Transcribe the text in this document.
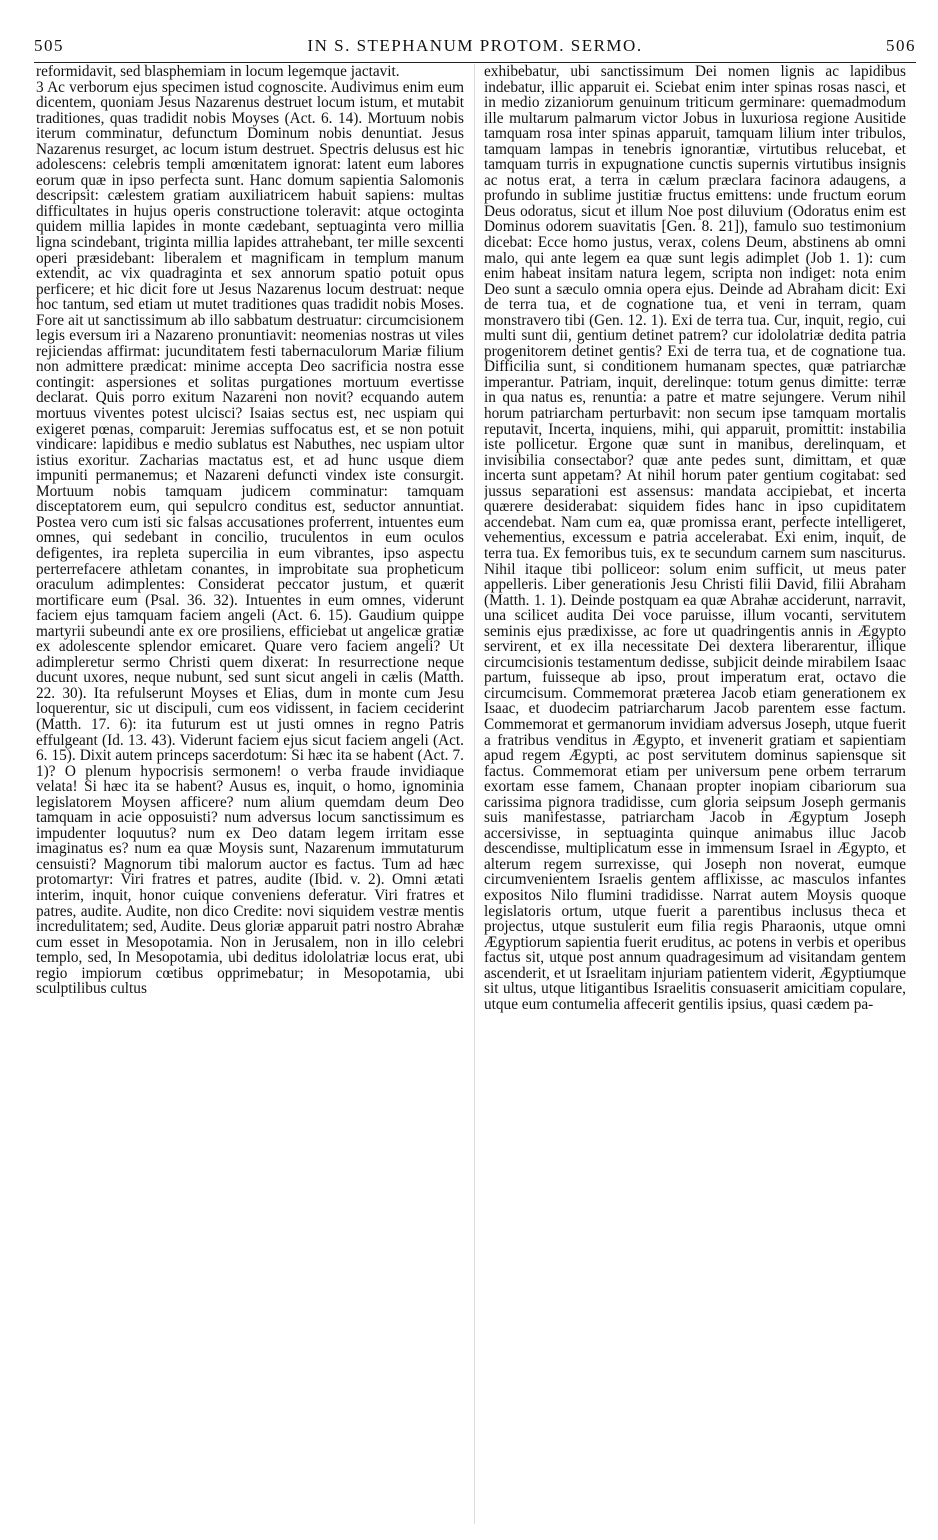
505	IN S. STEPHANUM PROTOM. SERMO.	506

reformidavit, sed blasphemiam in locum legemque jactavit.

3 Ac verborum ejus specimen istud cognoscite. Audivimus enim eum dicentem, quoniam Jesus Nazarenus destruet locum istum, et mutabit traditiones, quas tradidit nobis Moyses (Act. 6. 14). Mortuum nobis iterum comminatur, defunctum Dominum nobis denuntiat. Jesus Nazarenus resurget, ac locum istum destruet. Spectris delusus est hic adolescens: celebris templi amœnitatem ignorat: latent eum labores eorum quæ in ipso perfecta sunt. Hanc domum sapientia Salomonis descripsit: cælestem gratiam auxiliatricem habuit sapiens: multas difficultates in hujus operis constructione toleravit: atque octoginta quidem millia lapides in monte cædebant, septuaginta vero millia ligna scindebant, triginta millia lapides attrahebant, ter mille sexcenti operi præsidebant: liberalem et magnificam in templum manum extendit, ac vix quadraginta et sex annorum spatio potuit opus perficere; et hic dicit fore ut Jesus Nazarenus locum destruat: neque hoc tantum, sed etiam ut mutet traditiones quas tradidit nobis Moses. Fore ait ut sanctissimum ab illo sabbatum destruatur: circumcisionem legis eversum iri a Nazareno pronuntiavit: neomenias nostras ut viles rejiciendas affirmat: jucunditatem festi tabernaculorum Mariæ filium non admittere prædicat: minime accepta Deo sacrificia nostra esse contingit: aspersiones et solitas purgationes mortuum evertisse declarat. Quis porro exitum Nazareni non novit? ecquando autem mortuus viventes potest ulcisci? Isaias sectus est, nec uspiam qui exigeret pœnas, comparuit: Jeremias suffocatus est, et se non potuit vindicare: lapidibus e medio sublatus est Nabuthes, nec uspiam ultor istius exoritur. Zacharias mactatus est, et ad hunc usque diem impuniti permanemus; et Nazareni defuncti vindex iste consurgit. Mortuum nobis tamquam judicem comminatur: tamquam disceptatorem eum, qui sepulcro conditus est, seductor annuntiat. Postea vero cum isti sic falsas accusationes proferrent, intuentes eum omnes, qui sedebant in concilio, truculentos in eum oculos defigentes, ira repleta supercilia in eum vibrantes, ipso aspectu perterrefacere athletam conantes, in improbitate sua propheticum oraculum adimplentes: Considerat peccator justum, et quærit mortificare eum (Psal. 36. 32). Intuentes in eum omnes, viderunt faciem ejus tamquam faciem angeli (Act. 6. 15). Gaudium quippe martyrii subeundi ante ex ore prosiliens, efficiebat ut angelicæ gratiæ ex adolescente splendor emicaret. Quare vero faciem angeli? Ut adimpleretur sermo Christi quem dixerat: In resurrectione neque ducunt uxores, neque nubunt, sed sunt sicut angeli in cælis (Matth. 22. 30). Ita refulserunt Moyses et Elias, dum in monte cum Jesu loquerentur, sic ut discipuli, cum eos vidissent, in faciem ceciderint (Matth. 17. 6): ita futurum est ut justi omnes in regno Patris effulgeant (Id. 13. 43). Viderunt faciem ejus sicut faciem angeli (Act. 6. 15). Dixit autem princeps sacerdotum: Si hæc ita se habent (Act. 7. 1)? O plenum hypocrisis sermonem! o verba fraude invidiaque velata! Si hæc ita se habent? Ausus es, inquit, o homo, ignominia legislatorem Moysen afficere? num alium quemdam deum Deo tamquam in acie opposuisti? num adversus locum sanctissimum es impudenter loquutus? num ex Deo datam legem irritam esse imaginatus es? num ea quæ Moysis sunt, Nazarenum immutaturum censuisti? Magnorum tibi malorum auctor es factus. Tum ad hæc protomartyr: Viri fratres et patres, audite (Ibid. v. 2). Omni ætati interim, inquit, honor cuique conveniens deferatur. Viri fratres et patres, audite. Audite, non dico Credite: novi siquidem vestræ mentis incredulitatem; sed, Audite. Deus gloriæ apparuit patri nostro Abrahæ cum esset in Mesopotamia. Non in Jerusalem, non in illo celebri templo, sed, In Mesopotamia, ubi deditus idololatriæ locus erat, ubi regio impiorum cœtibus opprimebatur; in Mesopotamia, ubi sculptilibus cultus

exhibebatur, ubi sanctissimum Dei nomen lignis ac lapidibus indebatur, illic apparuit ei. Sciebat enim inter spinas rosas nasci, et in medio zizaniorum genuinum triticum germinare: quemadmodum ille multarum palmarum victor Jobus in luxuriosa regione Ausitide tamquam rosa inter spinas apparuit, tamquam lilium inter tribulos, tamquam lampas in tenebris ignorantiæ, virtutibus relucebat, et tamquam turris in expugnatione cunctis supernis virtutibus insignis ac notus erat, a terra in cælum præclara facinora adaugens, a profundo in sublime justitiæ fructus emittens: unde fructum eorum Deus odoratus, sicut et illum Noe post diluvium (Odoratus enim est Dominus odorem suavitatis [Gen. 8. 21]), famulo suo testimonium dicebat: Ecce homo justus, verax, colens Deum, abstinens ab omni malo, qui ante legem ea quæ sunt legis adimplet (Job 1. 1): cum enim habeat insitam natura legem, scripta non indiget: nota enim Deo sunt a sæculo omnia opera ejus. Deinde ad Abraham dicit: Exi de terra tua, et de cognatione tua, et veni in terram, quam monstravero tibi (Gen. 12. 1). Exi de terra tua. Cur, inquit, regio, cui multi sunt dii, gentium detinet patrem? cur idololatriæ dedita patria progenitorem detinet gentis? Exi de terra tua, et de cognatione tua. Difficilia sunt, si conditionem humanam spectes, quæ patriarchæ imperantur. Patriam, inquit, derelinque: totum genus dimitte: terræ in qua natus es, renuntia: a patre et matre sejungere. Verum nihil horum patriarcham perturbavit: non secum ipse tamquam mortalis reputavit, Incerta, inquiens, mihi, qui apparuit, promittit: instabilia iste pollicetur. Ergone quæ sunt in manibus, derelinquam, et invisibilia consectabor? quæ ante pedes sunt, dimittam, et quæ incerta sunt appetam? At nihil horum pater gentium cogitabat: sed jussus separationi est assensus: mandata accipiebat, et incerta quærere desiderabat: siquidem fides hanc in ipso cupiditatem accendebat. Nam cum ea, quæ promissa erant, perfecte intelligeret, vehementius, excessum e patria accelerabat. Exi enim, inquit, de terra tua. Ex femoribus tuis, ex te secundum carnem sum nasciturus. Nihil itaque tibi polliceor: solum enim sufficit, ut meus pater appelleris. Liber generationis Jesu Christi filii David, filii Abraham (Matth. 1. 1). Deinde postquam ea quæ Abrahæ acciderunt, narravit, una scilicet audita Dei voce paruisse, illum vocanti, servitutem seminis ejus prædixisse, ac fore ut quadringentis annis in Ægypto servirent, et ex illa necessitate Dei dextera liberarentur, illique circumcisionis testamentum dedisse, subjicit deinde mirabilem Isaac partum, fuisseque ab ipso, prout imperatum erat, octavo die circumcisum. Commemorat præterea Jacob etiam generationem ex Isaac, et duodecim patriarcharum Jacob parentem esse factum. Commemorat et germanorum invidiam adversus Joseph, utque fuerit a fratribus venditus in Ægypto, et invenerit gratiam et sapientiam apud regem Ægypti, ac post servitutem dominus sapiensque sit factus. Commemorat etiam per universum pene orbem terrarum exortam esse famem, Chanaan propter inopiam cibariorum sua carissima pignora tradidisse, cum gloria seipsum Joseph germanis suis manifestasse, patriarcham Jacob in Ægyptum Joseph accersivisse, in septuaginta quinque animabus illuc Jacob descendisse, multiplicatum esse in immensum Israel in Ægypto, et alterum regem surrexisse, qui Joseph non noverat, eumque circumvenientem Israelis gentem afflixisse, ac masculos infantes expositos Nilo flumini tradidisse. Narrat autem Moysis quoque legislatoris ortum, utque fuerit a parentibus inclusus theca et projectus, utque sustulerit eum filia regis Pharaonis, utque omni Ægyptiorum sapientia fuerit eruditus, ac potens in verbis et operibus factus sit, utque post annum quadragesimum ad visitandam gentem ascenderit, et ut Israelitam injuriam patientem viderit, Ægyptiumque sit ultus, utque litigantibus Israelitis consuaserit amicitiam copulare, utque eum contumelia affecerit gentilis ipsius, quasi cædem pa-
